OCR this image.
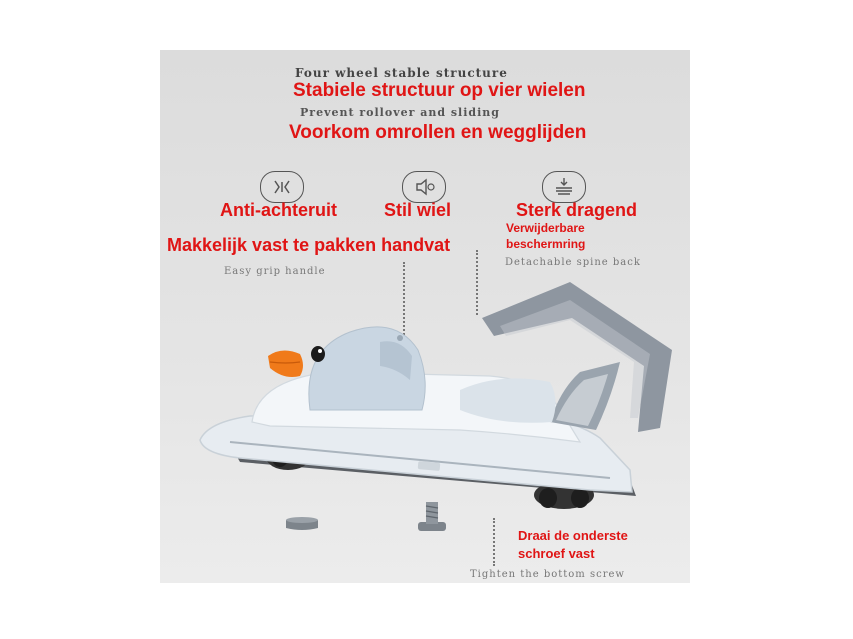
Four wheel stable structure
Stabiele structuur op vier wielen
Prevent rollover and sliding
Voorkom omrollen en wegglijden
Anti-achteruit	Stil wiel	Sterk dragend
Makkelijk vast te pakken handvat
Easy grip handle
Verwijderbare
beschermring
Detachable spine back
Draai de onderste
schroef vast
Tighten the bottom screw
